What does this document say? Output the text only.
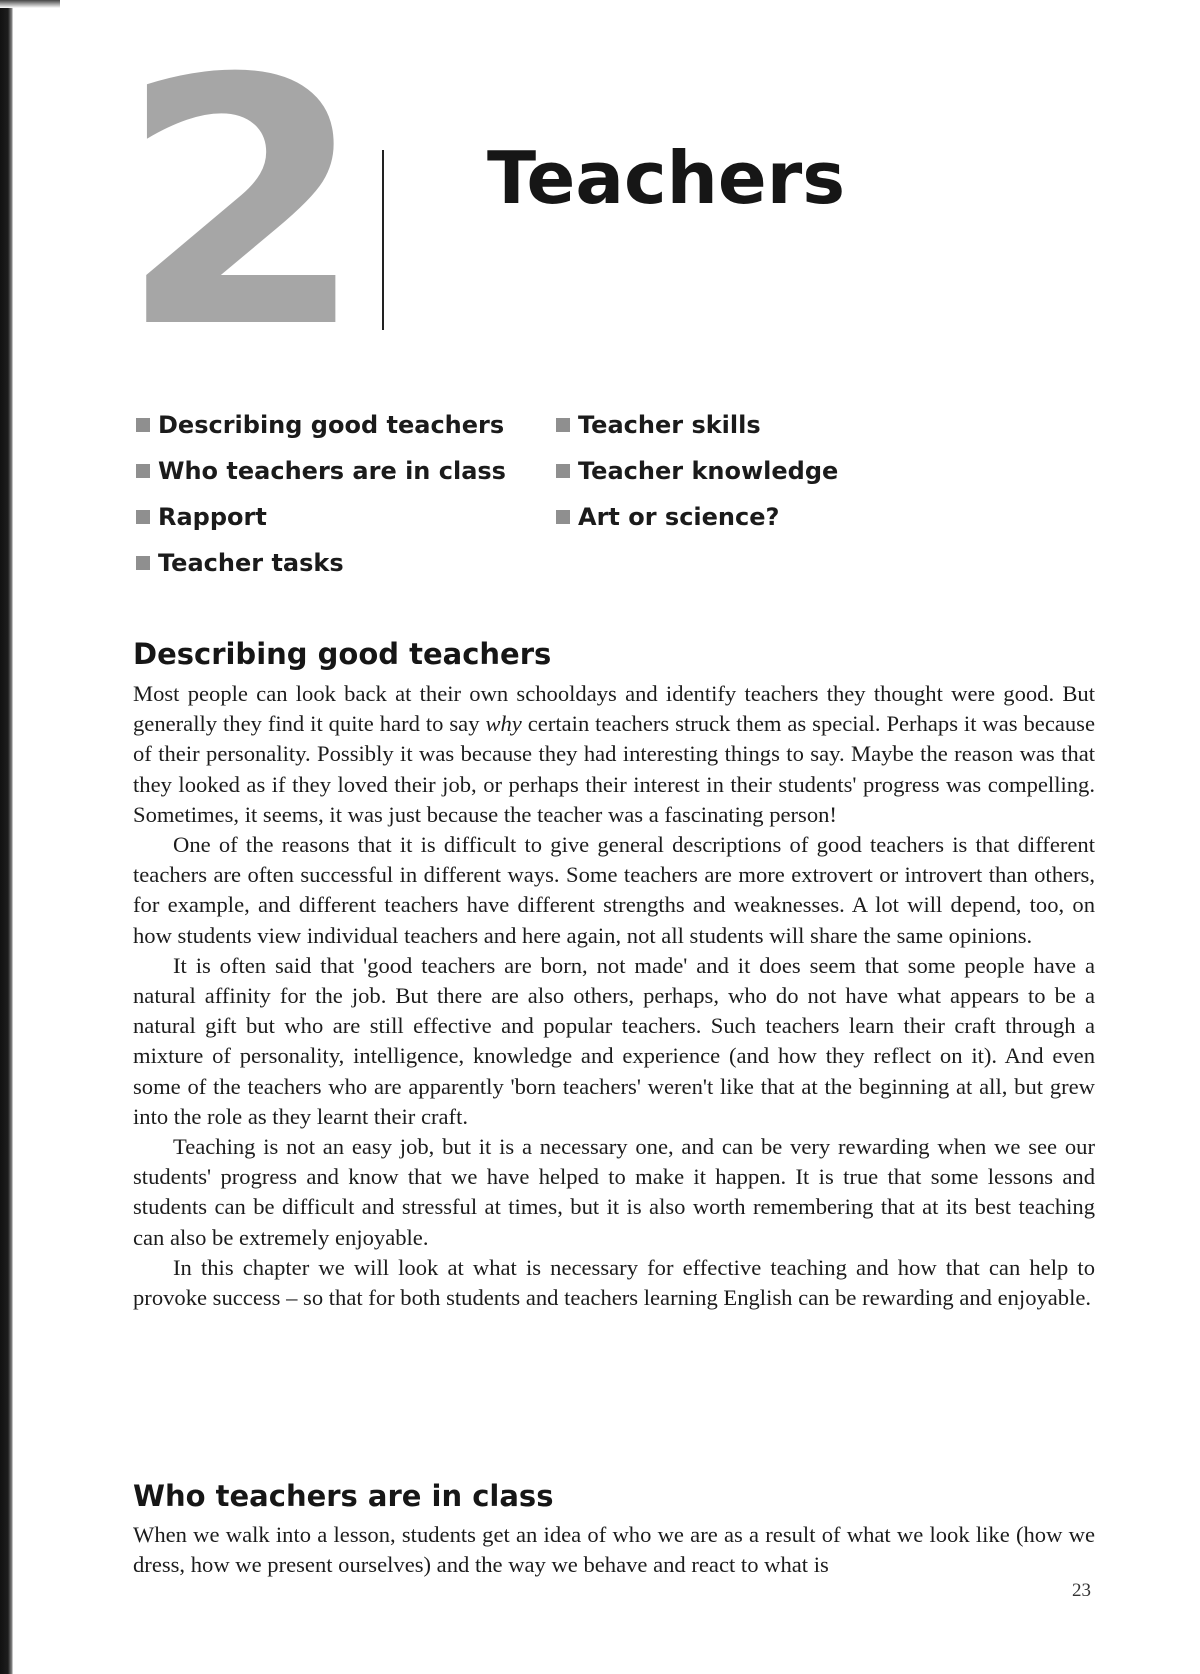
2 Teachers
Describing good teachers
Who teachers are in class
Rapport
Teacher tasks
Teacher skills
Teacher knowledge
Art or science?
Describing good teachers

Most people can look back at their own schooldays and identify teachers they thought were good. But generally they find it quite hard to say why certain teachers struck them as special. Perhaps it was because of their personality. Possibly it was because they had interesting things to say. Maybe the reason was that they looked as if they loved their job, or perhaps their interest in their students' progress was compelling. Sometimes, it seems, it was just because the teacher was a fascinating person!

One of the reasons that it is difficult to give general descriptions of good teachers is that different teachers are often successful in different ways. Some teachers are more extrovert or introvert than others, for example, and different teachers have different strengths and weaknesses. A lot will depend, too, on how students view individual teachers and here again, not all students will share the same opinions.

It is often said that 'good teachers are born, not made' and it does seem that some people have a natural affinity for the job. But there are also others, perhaps, who do not have what appears to be a natural gift but who are still effective and popular teachers. Such teachers learn their craft through a mixture of personality, intelligence, knowledge and experience (and how they reflect on it). And even some of the teachers who are apparently 'born teachers' weren't like that at the beginning at all, but grew into the role as they learnt their craft.

Teaching is not an easy job, but it is a necessary one, and can be very rewarding when we see our students' progress and know that we have helped to make it happen. It is true that some lessons and students can be difficult and stressful at times, but it is also worth remembering that at its best teaching can also be extremely enjoyable.

In this chapter we will look at what is necessary for effective teaching and how that can help to provoke success – so that for both students and teachers learning English can be rewarding and enjoyable.

Who teachers are in class

When we walk into a lesson, students get an idea of who we are as a result of what we look like (how we dress, how we present ourselves) and the way we behave and react to what is

23
